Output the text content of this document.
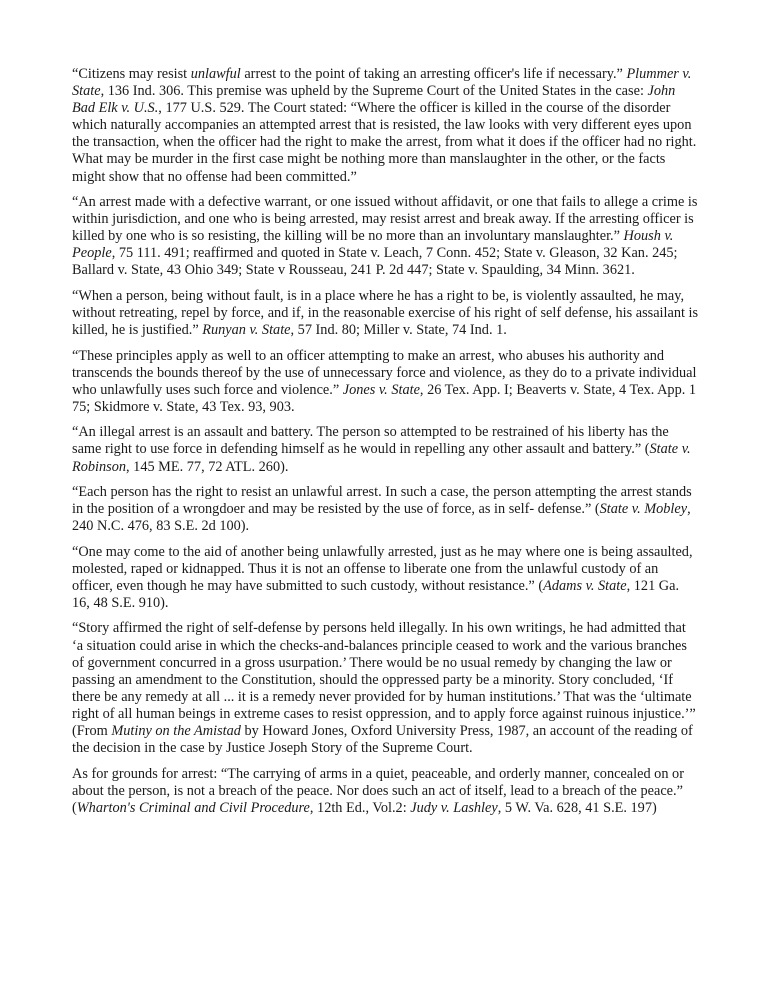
“Citizens may resist unlawful arrest to the point of taking an arresting officer's life if necessary.” Plummer v. State, 136 Ind. 306. This premise was upheld by the Supreme Court of the United States in the case: John Bad Elk v. U.S., 177 U.S. 529. The Court stated: “Where the officer is killed in the course of the disorder which naturally accompanies an attempted arrest that is resisted, the law looks with very different eyes upon the transaction, when the officer had the right to make the arrest, from what it does if the officer had no right. What may be murder in the first case might be nothing more than manslaughter in the other, or the facts might show that no offense had been committed.”

“An arrest made with a defective warrant, or one issued without affidavit, or one that fails to allege a crime is within jurisdiction, and one who is being arrested, may resist arrest and break away. If the arresting officer is killed by one who is so resisting, the killing will be no more than an involuntary manslaughter.” Housh v. People, 75 111. 491; reaffirmed and quoted in State v. Leach, 7 Conn. 452; State v. Gleason, 32 Kan. 245; Ballard v. State, 43 Ohio 349; State v Rousseau, 241 P. 2d 447; State v. Spaulding, 34 Minn. 3621.

“When a person, being without fault, is in a place where he has a right to be, is violently assaulted, he may, without retreating, repel by force, and if, in the reasonable exercise of his right of self defense, his assailant is killed, he is justified.” Runyan v. State, 57 Ind. 80; Miller v. State, 74 Ind. 1.

“These principles apply as well to an officer attempting to make an arrest, who abuses his authority and transcends the bounds thereof by the use of unnecessary force and violence, as they do to a private individual who unlawfully uses such force and violence.” Jones v. State, 26 Tex. App. I; Beaverts v. State, 4 Tex. App. 1 75; Skidmore v. State, 43 Tex. 93, 903.

“An illegal arrest is an assault and battery. The person so attempted to be restrained of his liberty has the same right to use force in defending himself as he would in repelling any other assault and battery.” (State v. Robinson, 145 ME. 77, 72 ATL. 260).

“Each person has the right to resist an unlawful arrest. In such a case, the person attempting the arrest stands in the position of a wrongdoer and may be resisted by the use of force, as in self- defense.” (State v. Mobley, 240 N.C. 476, 83 S.E. 2d 100).

“One may come to the aid of another being unlawfully arrested, just as he may where one is being assaulted, molested, raped or kidnapped. Thus it is not an offense to liberate one from the unlawful custody of an officer, even though he may have submitted to such custody, without resistance.” (Adams v. State, 121 Ga. 16, 48 S.E. 910).

“Story affirmed the right of self-defense by persons held illegally. In his own writings, he had admitted that ‘a situation could arise in which the checks-and-balances principle ceased to work and the various branches of government concurred in a gross usurpation.’ There would be no usual remedy by changing the law or passing an amendment to the Constitution, should the oppressed party be a minority. Story concluded, ‘If there be any remedy at all ... it is a remedy never provided for by human institutions.’ That was the ‘ultimate right of all human beings in extreme cases to resist oppression, and to apply force against ruinous injustice.’” (From Mutiny on the Amistad by Howard Jones, Oxford University Press, 1987, an account of the reading of the decision in the case by Justice Joseph Story of the Supreme Court.

As for grounds for arrest: “The carrying of arms in a quiet, peaceable, and orderly manner, concealed on or about the person, is not a breach of the peace. Nor does such an act of itself, lead to a breach of the peace.” (Wharton's Criminal and Civil Procedure, 12th Ed., Vol.2: Judy v. Lashley, 5 W. Va. 628, 41 S.E. 197)
